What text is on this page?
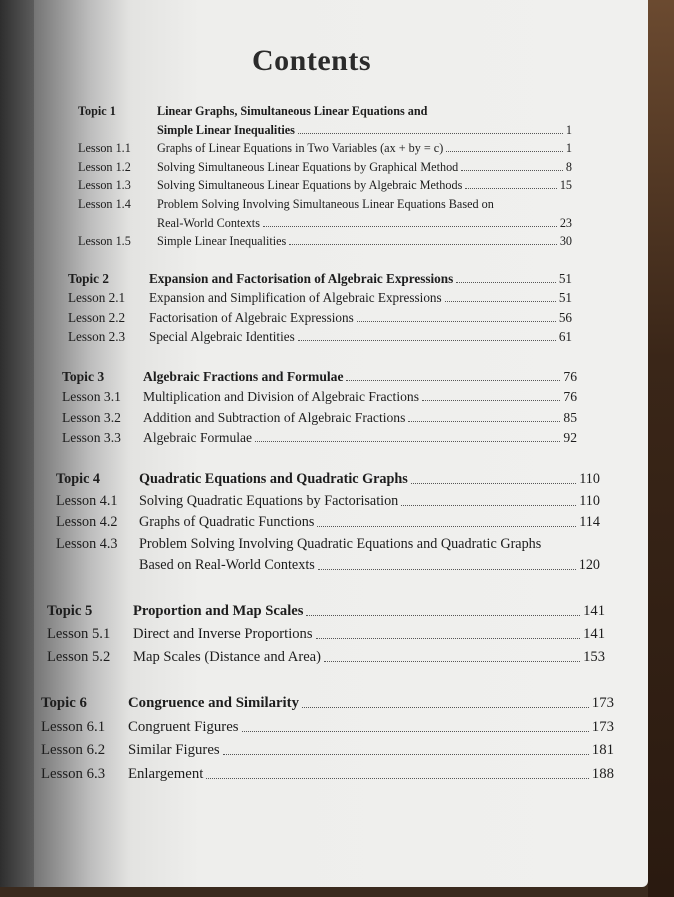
Contents
Topic 1	Linear Graphs, Simultaneous Linear Equations and
Simple Linear Inequalities	1
Lesson 1.1 Graphs of Linear Equations in Two Variables (ax + by = c)	1
Lesson 1.2 Solving Simultaneous Linear Equations by Graphical Method	8
Lesson 1.3 Solving Simultaneous Linear Equations by Algebraic Methods	15
Lesson 1.4 Problem Solving Involving Simultaneous Linear Equations Based on
Real-World Contexts	23
Lesson 1.5 Simple Linear Inequalities	30
Topic 2	Expansion and Factorisation of Algebraic Expressions	51
Lesson 2.1 Expansion and Simplification of Algebraic Expressions	51
Lesson 2.2 Factorisation of Algebraic Expressions	56
Lesson 2.3 Special Algebraic Identities	61
Topic 3	Algebraic Fractions and Formulae	76
Lesson 3.1 Multiplication and Division of Algebraic Fractions	76
Lesson 3.2 Addition and Subtraction of Algebraic Fractions	85
Lesson 3.3 Algebraic Formulae	92
Topic 4	Quadratic Equations and Quadratic Graphs	110
Lesson 4.1 Solving Quadratic Equations by Factorisation	110
Lesson 4.2 Graphs of Quadratic Functions	114
Lesson 4.3 Problem Solving Involving Quadratic Equations and Quadratic Graphs
Based on Real-World Contexts	120
Topic 5	Proportion and Map Scales	141
Lesson 5.1 Direct and Inverse Proportions	141
Lesson 5.2 Map Scales (Distance and Area)	153
Topic 6	Congruence and Similarity	173
Lesson 6.1 Congruent Figures	173
Lesson 6.2 Similar Figures	181
Lesson 6.3 Enlargement	188
